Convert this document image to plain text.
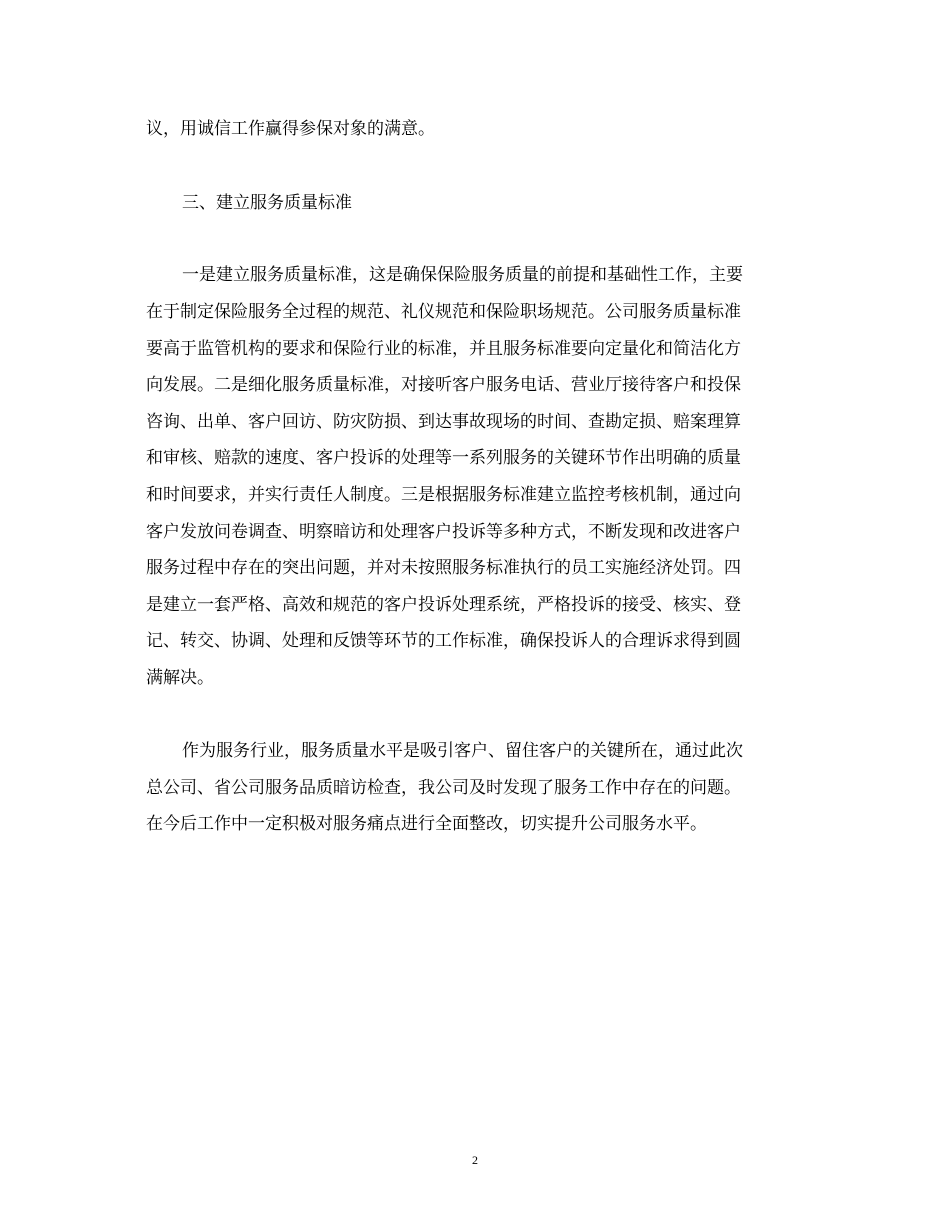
议，用诚信工作赢得参保对象的满意。
三、建立服务质量标准
一是建立服务质量标准，这是确保保险服务质量的前提和基础性工作，主要
在于制定保险服务全过程的规范、礼仪规范和保险职场规范。公司服务质量标准
要高于监管机构的要求和保险行业的标准，并且服务标准要向定量化和简洁化方
向发展。二是细化服务质量标准，对接听客户服务电话、营业厅接待客户和投保
咨询、出单、客户回访、防灾防损、到达事故现场的时间、查勘定损、赔案理算
和审核、赔款的速度、客户投诉的处理等一系列服务的关键环节作出明确的质量
和时间要求，并实行责任人制度。三是根据服务标准建立监控考核机制，通过向
客户发放问卷调查、明察暗访和处理客户投诉等多种方式，不断发现和改进客户
服务过程中存在的突出问题，并对未按照服务标准执行的员工实施经济处罚。四
是建立一套严格、高效和规范的客户投诉处理系统，严格投诉的接受、核实、登
记、转交、协调、处理和反馈等环节的工作标准，确保投诉人的合理诉求得到圆
满解决。
作为服务行业，服务质量水平是吸引客户、留住客户的关键所在，通过此次
总公司、省公司服务品质暗访检查，我公司及时发现了服务工作中存在的问题。
在今后工作中一定积极对服务痛点进行全面整改，切实提升公司服务水平。
2
